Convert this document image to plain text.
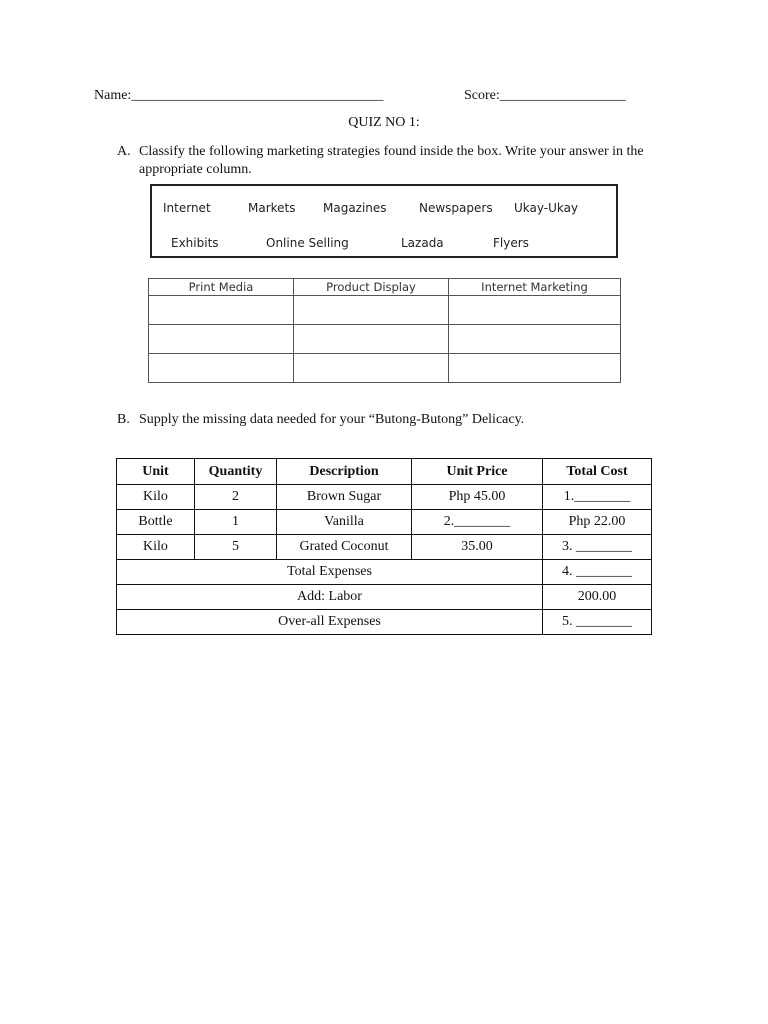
Name:____________________________________	Score:__________________
QUIZ NO 1:
A. Classify the following marketing strategies found inside the box. Write your answer in the appropriate column.
Internet	Markets Magazines	Newspapers Ukay-Ukay
Exhibits	Online Selling	Lazada	Flyers
Print Media	Product Display	Internet Marketing

B. Supply the missing data needed for your “Butong-Butong” Delicacy.
Unit	Quantity	Description	Unit Price	Total Cost
Kilo	2	Brown Sugar	Php 45.00	1.________
Bottle	1	Vanilla	2.________	Php 22.00
Kilo	5	Grated Coconut	35.00	3. ________
Total Expenses				4. ________
Add: Labor				200.00
Over-all Expenses				5. ________
